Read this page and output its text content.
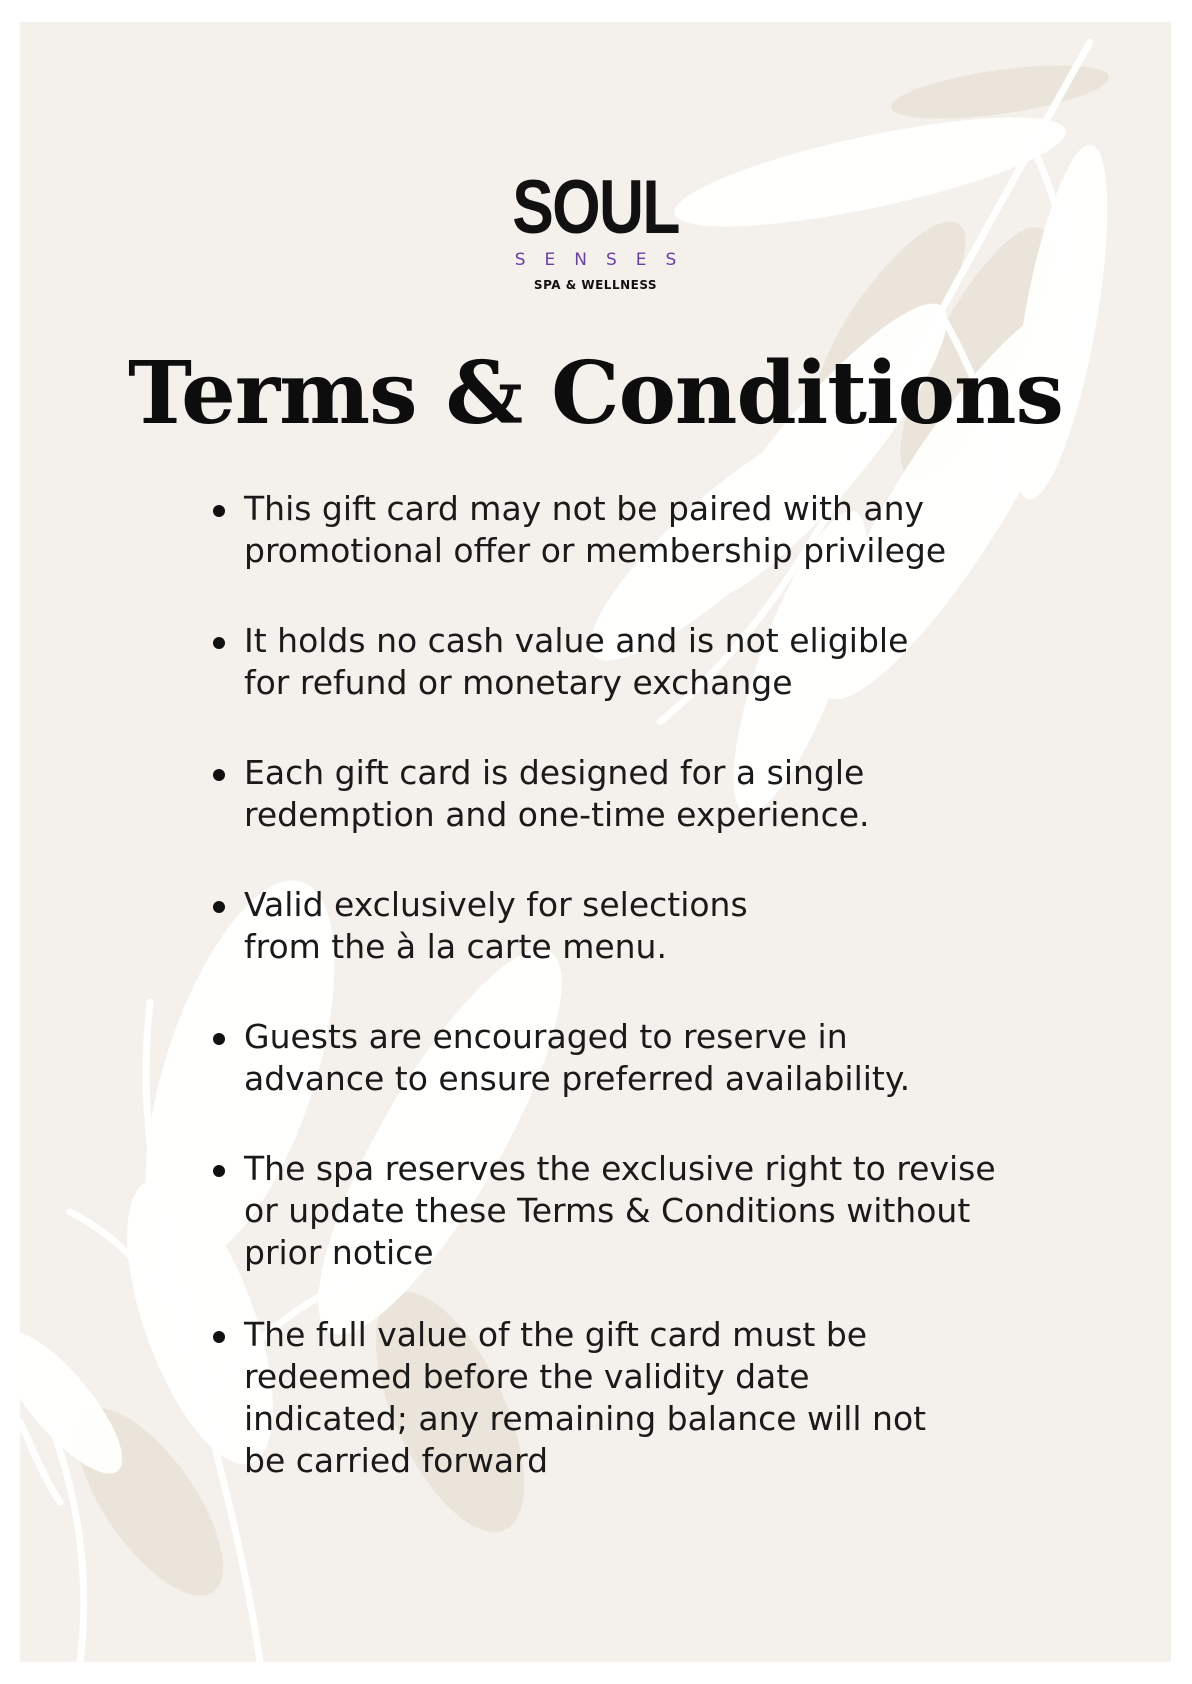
SOUL
SENSES
SPA & WELLNESS
Terms & Conditions
This gift card may not be paired with any
promotional offer or membership privilege
It holds no cash value and is not eligible
for refund or monetary exchange
Each gift card is designed for a single
redemption and one-time experience.
Valid exclusively for selections
from the à la carte menu.
Guests are encouraged to reserve in
advance to ensure preferred availability.
The spa reserves the exclusive right to revise
or update these Terms & Conditions without
prior notice
The full value of the gift card must be
redeemed before the validity date
indicated; any remaining balance will not
be carried forward
